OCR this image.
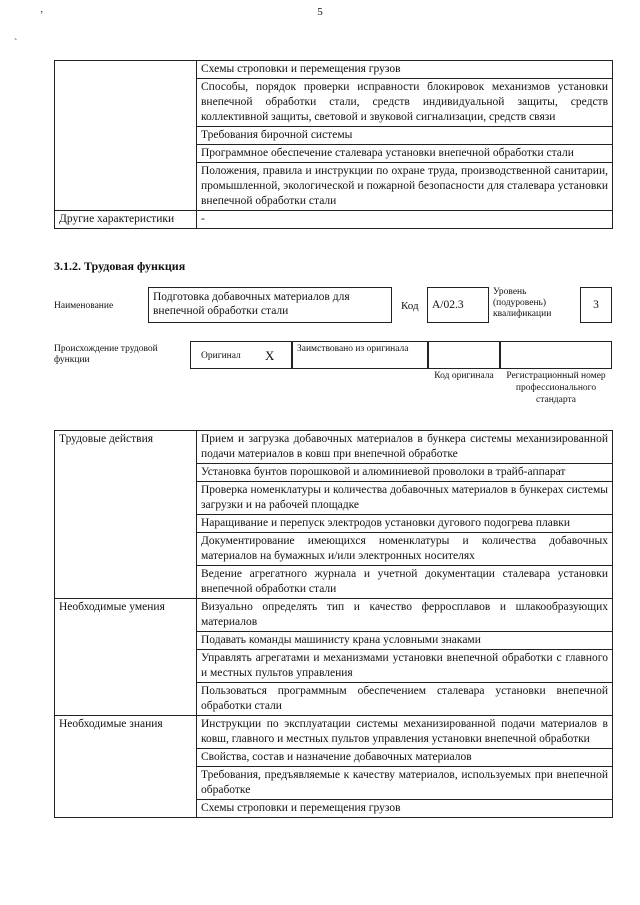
5
ʼ
ˋ
	Схемы строповки и перемещения грузов
	Способы, порядок проверки исправности блокировок механизмов установки внепечной обработки стали, средств индивидуальной защиты, средств коллективной защиты, световой и звуковой сигнализации, средств связи
	Требования бирочной системы
	Программное обеспечение сталевара установки внепечной обработки стали
	Положения, правила и инструкции по охране труда, производственной санитарии, промышленной, экологической и пожарной безопасности для сталевара установки внепечной обработки стали
Другие характеристики	-
3.1.2. Трудовая функция
Наименование
Подготовка добавочных материалов для внепечной обработки стали	Код	А/02.3
Уровень (подуровень) квалификации
3
Происхождение трудовой функции	Оригинал X Заимствовано из оригинала
Код оригинала	Регистрационный номер профессионального стандарта
Трудовые действия	Прием и загрузка добавочных материалов в бункера системы механизированной подачи материалов в ковш при внепечной обработке
	Установка бунтов порошковой и алюминиевой проволоки в трайб-аппарат
	Проверка номенклатуры и количества добавочных материалов в бункерах системы загрузки и на рабочей площадке
	Наращивание и перепуск электродов установки дугового подогрева плавки
	Документирование имеющихся номенклатуры и количества добавочных материалов на бумажных и/или электронных носителях
	Ведение агрегатного журнала и учетной документации сталевара установки внепечной обработки стали
Необходимые умения	Визуально определять тип и качество ферросплавов и шлакообразующих материалов
	Подавать команды машинисту крана условными знаками
	Управлять агрегатами и механизмами установки внепечной обработки с главного и местных пультов управления
	Пользоваться программным обеспечением сталевара установки внепечной обработки стали
Необходимые знания	Инструкции по эксплуатации системы механизированной подачи материалов в ковш, главного и местных пультов управления установки внепечной обработки
	Свойства, состав и назначение добавочных материалов
	Требования, предъявляемые к качеству материалов, используемых при внепечной обработке
	Схемы строповки и перемещения грузов
